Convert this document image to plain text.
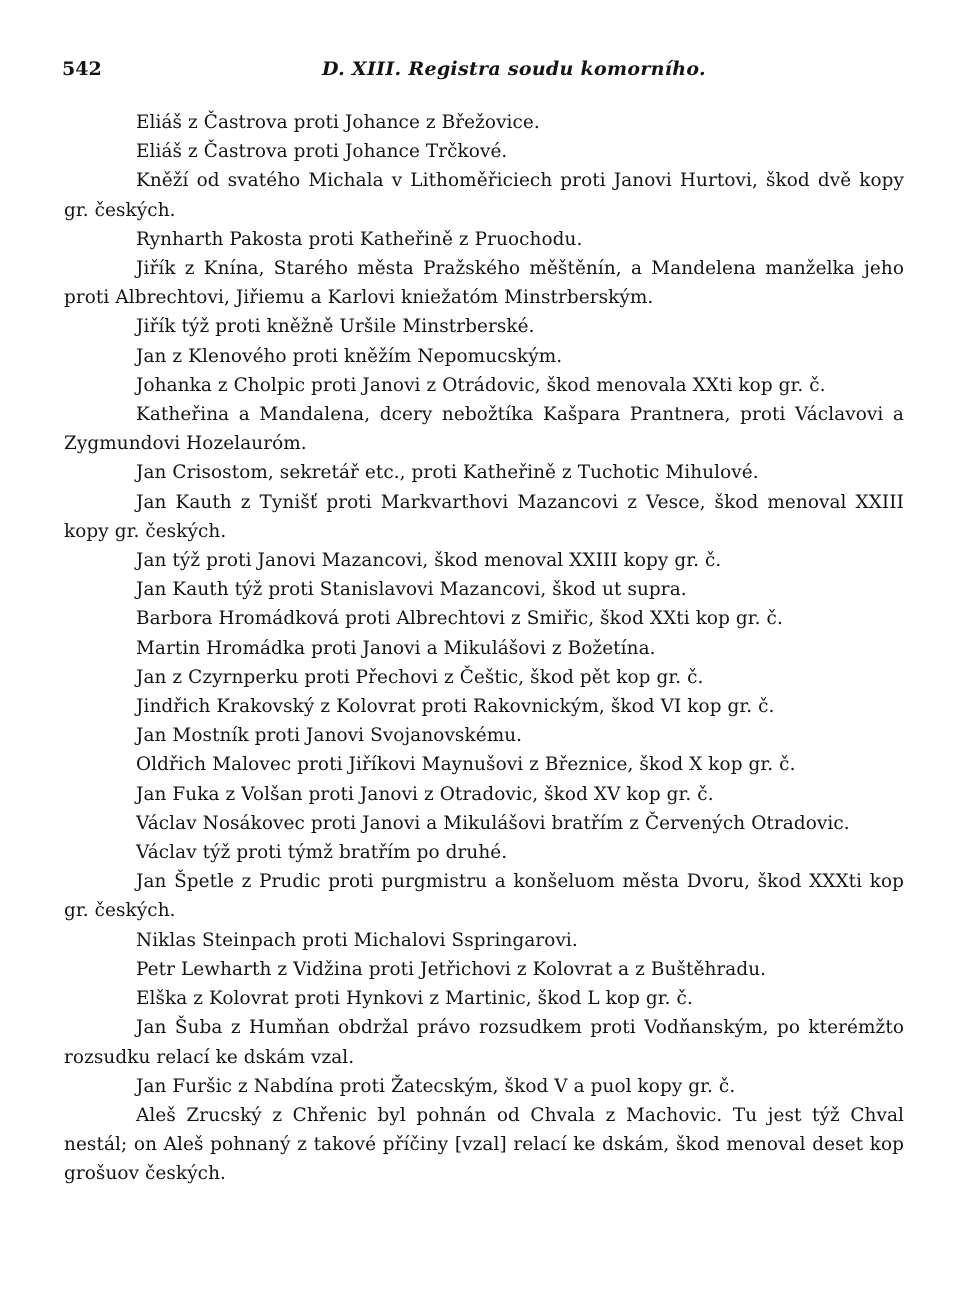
542	D. XIII. Registra soudu komorního.

Eliáš z Častrova proti Johance z Břežovice.

Eliáš z Častrova proti Johance Trčkové.

Kněží od svatého Michala v Lithoměřiciech proti Janovi Hurtovi, škod dvě kopy gr. českých.

Rynharth Pakosta proti Katheřině z Pruochodu.

Jiřík z Knína, Starého města Pražského měštěnín, a Mandelena manželka jeho proti Albrechtovi, Jiřiemu a Karlovi kniežatóm Minstrberským.

Jiřík týž proti kněžně Uršile Minstrberské.

Jan z Klenového proti kněžím Nepomucským.

Johanka z Cholpic proti Janovi z Otrádovic, škod menovala XXti kop gr. č.

Katheřina a Mandalena, dcery nebožtíka Kašpara Prantnera, proti Václavovi a Zygmundovi Hozelauróm.

Jan Crisostom, sekretář etc., proti Katheřině z Tuchotic Mihulové.

Jan Kauth z Tynišť proti Markvarthovi Mazancovi z Vesce, škod menoval XXIII kopy gr. českých.

Jan týž proti Janovi Mazancovi, škod menoval XXIII kopy gr. č.

Jan Kauth týž proti Stanislavovi Mazancovi, škod ut supra.

Barbora Hromádková proti Albrechtovi z Smiřic, škod XXti kop gr. č.

Martin Hromádka proti Janovi a Mikulášovi z Božetína.

Jan z Czyrnperku proti Přechovi z Češtic, škod pět kop gr. č.

Jindřich Krakovský z Kolovrat proti Rakovnickým, škod VI kop gr. č.

Jan Mostník proti Janovi Svojanovskému.

Oldřich Malovec proti Jiříkovi Maynušovi z Březnice, škod X kop gr. č.

Jan Fuka z Volšan proti Janovi z Otradovic, škod XV kop gr. č.

Václav Nosákovec proti Janovi a Mikulášovi bratřím z Červených Otradovic.

Václav týž proti týmž bratřím po druhé.

Jan Špetle z Prudic proti purgmistru a konšeluom města Dvoru, škod XXXti kop gr. českých.

Niklas Steinpach proti Michalovi Sspringarovi.

Petr Lewharth z Vidžina proti Jetřichovi z Kolovrat a z Buštěhradu.

Elška z Kolovrat proti Hynkovi z Martinic, škod L kop gr. č.

Jan Šuba z Humňan obdržal právo rozsudkem proti Vodňanským, po kterémžto rozsudku relací ke dskám vzal.

Jan Furšic z Nabdína proti Žatecským, škod V a puol kopy gr. č.

Aleš Zrucský z Chřenic byl pohnán od Chvala z Machovic. Tu jest týž Chval nestál; on Aleš pohnaný z takové příčiny [vzal] relací ke dskám, škod menoval deset kop grošuov českých.
